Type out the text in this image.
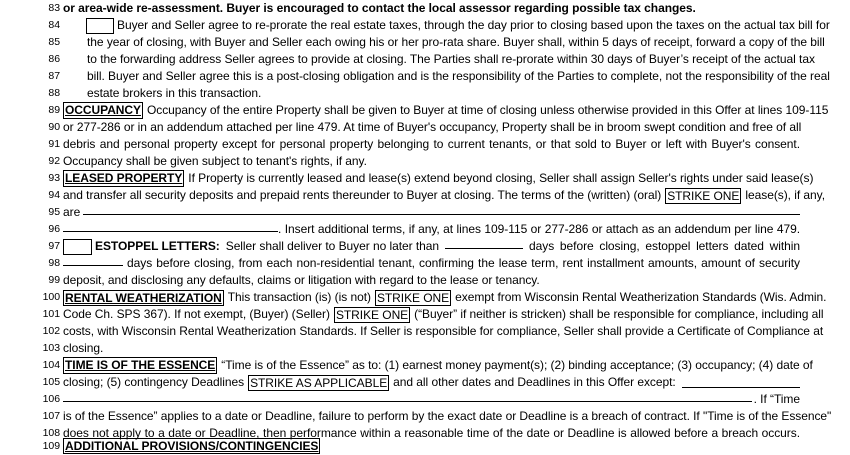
83 or area-wide re-assessment. Buyer is encouraged to contact the local assessor regarding possible tax changes.
84	Buyer and Seller agree to re-prorate the real estate taxes, through the day prior to closing based upon the taxes on the actual tax bill for
85 the year of closing, with Buyer and Seller each owing his or her pro-rata share. Buyer shall, within 5 days of receipt, forward a copy of the bill
86 to the forwarding address Seller agrees to provide at closing. The Parties shall re-prorate within 30 days of Buyer’s receipt of the actual tax
87 bill. Buyer and Seller agree this is a post-closing obligation and is the responsibility of the Parties to complete, not the responsibility of the real
88 estate brokers in this transaction.
89 OCCUPANCY Occupancy of the entire Property shall be given to Buyer at time of closing unless otherwise provided in this Offer at lines 109-115
90 or 277-286 or in an addendum attached per line 479. At time of Buyer's occupancy, Property shall be in broom swept condition and free of all
91 debris and personal property except for personal property belonging to current tenants, or that sold to Buyer or left with Buyer's consent.
92 Occupancy shall be given subject to tenant's rights, if any.
93 LEASED PROPERTY If Property is currently leased and lease(s) extend beyond closing, Seller shall assign Seller's rights under said lease(s)
94 and transfer all security deposits and prepaid rents thereunder to Buyer at closing. The terms of the (written) (oral) STRIKE ONE lease(s), if any,
95 are
96	. Insert additional terms, if any, at lines 109-115 or 277-286 or attach as an addendum per line 479.
97	ESTOPPEL LETTERS: Seller shall deliver to Buyer no later than	days before closing, estoppel letters dated within
98	days before closing, from each non-residential tenant, confirming the lease term, rent installment amounts, amount of security
99 deposit, and disclosing any defaults, claims or litigation with regard to the lease or tenancy.
100 RENTAL WEATHERIZATION This transaction (is) (is not) STRIKE ONE exempt from Wisconsin Rental Weatherization Standards (Wis. Admin.
101 Code Ch. SPS 367). If not exempt, (Buyer) (Seller) STRIKE ONE (“Buyer” if neither is stricken) shall be responsible for compliance, including all
102 costs, with Wisconsin Rental Weatherization Standards. If Seller is responsible for compliance, Seller shall provide a Certificate of Compliance at
103 closing.
104 TIME IS OF THE ESSENCE “Time is of the Essence” as to: (1) earnest money payment(s); (2) binding acceptance; (3) occupancy; (4) date of
105 closing; (5) contingency Deadlines STRIKE AS APPLICABLE and all other dates and Deadlines in this Offer except:
106	. If “Time
107 is of the Essence” applies to a date or Deadline, failure to perform by the exact date or Deadline is a breach of contract. If "Time is of the Essence"
108 does not apply to a date or Deadline, then performance within a reasonable time of the date or Deadline is allowed before a breach occurs.
109 ADDITIONAL PROVISIONS/CONTINGENCIES
